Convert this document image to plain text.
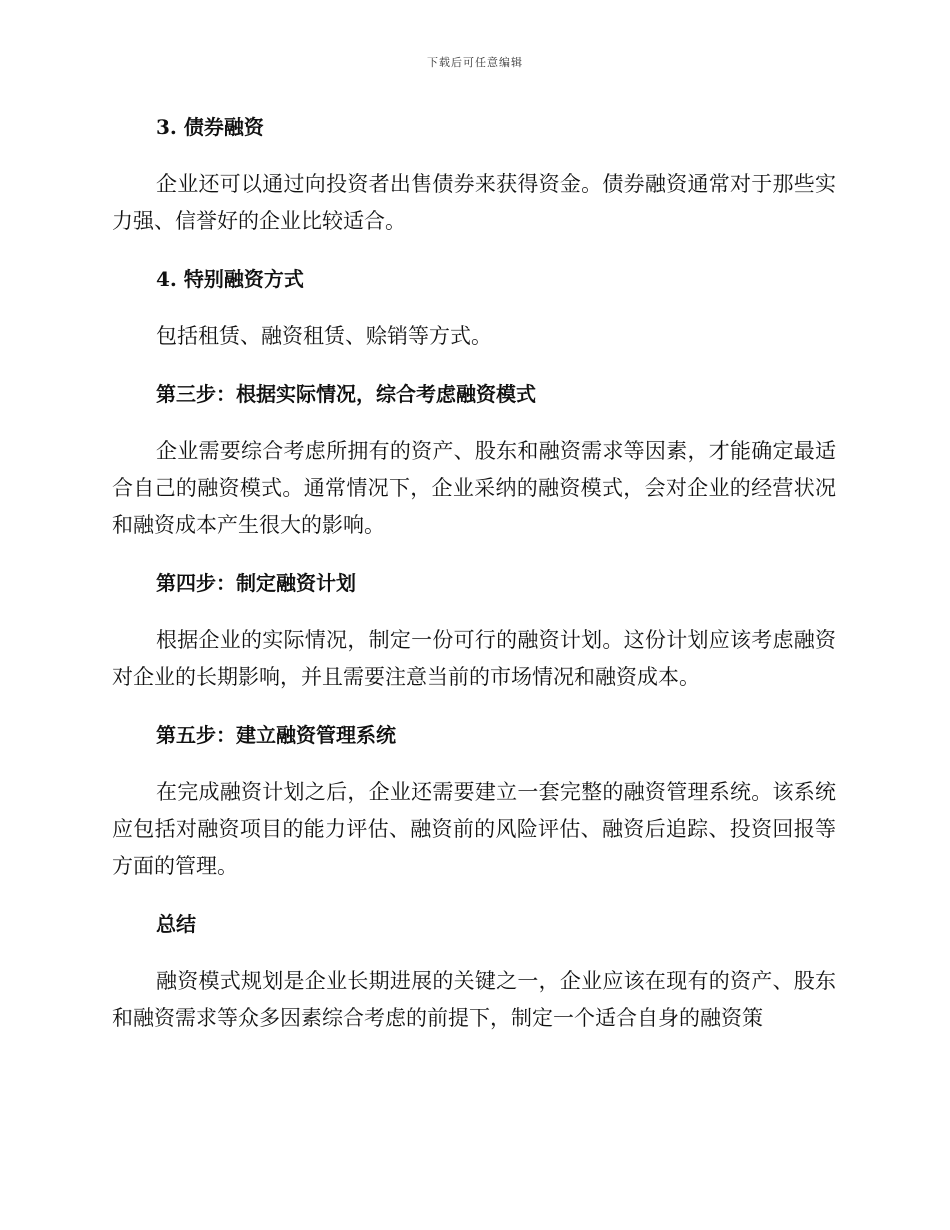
下载后可任意编辑
3. 债券融资
企业还可以通过向投资者出售债券来获得资金。债券融资通常对于那些实力强、信誉好的企业比较适合。
4. 特别融资方式
包括租赁、融资租赁、赊销等方式。
第三步：根据实际情况，综合考虑融资模式
企业需要综合考虑所拥有的资产、股东和融资需求等因素，才能确定最适合自己的融资模式。通常情况下，企业采纳的融资模式，会对企业的经营状况和融资成本产生很大的影响。
第四步：制定融资计划
根据企业的实际情况，制定一份可行的融资计划。这份计划应该考虑融资对企业的长期影响，并且需要注意当前的市场情况和融资成本。
第五步：建立融资管理系统
在完成融资计划之后，企业还需要建立一套完整的融资管理系统。该系统应包括对融资项目的能力评估、融资前的风险评估、融资后追踪、投资回报等方面的管理。
总结
融资模式规划是企业长期进展的关键之一，企业应该在现有的资产、股东和融资需求等众多因素综合考虑的前提下，制定一个适合自身的融资策
